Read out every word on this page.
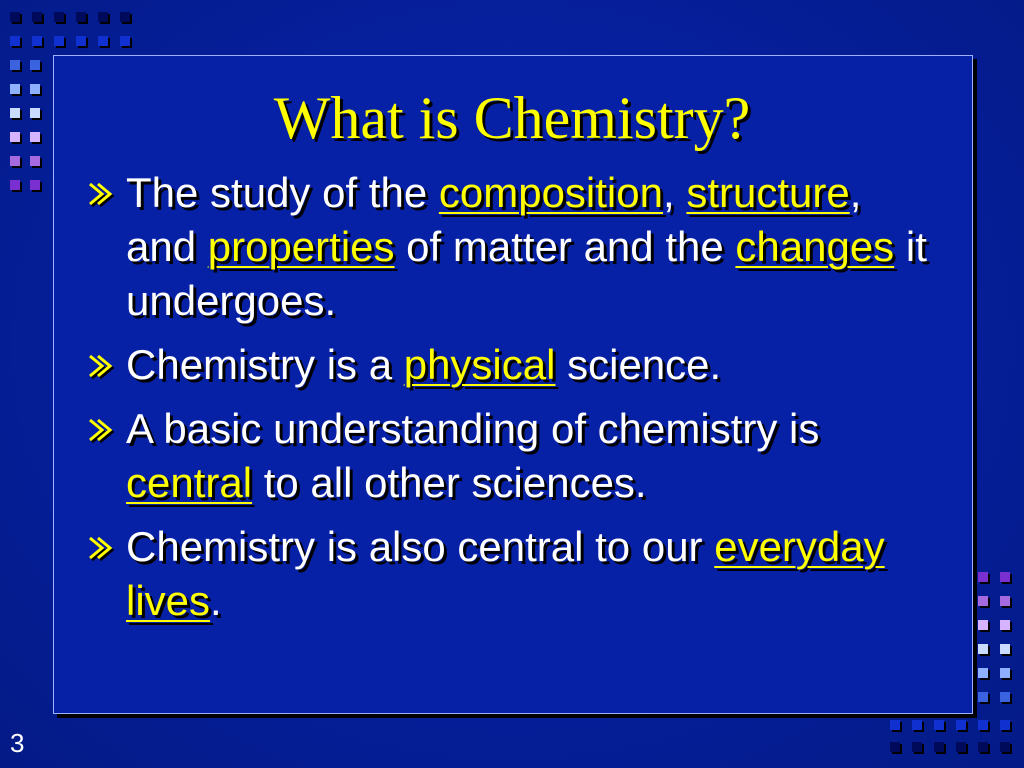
What is Chemistry?
The study of the composition, structure, and properties of matter and the changes it undergoes.
Chemistry is a physical science.
A basic understanding of chemistry is central to all other sciences.
Chemistry is also central to our everyday lives.
3
